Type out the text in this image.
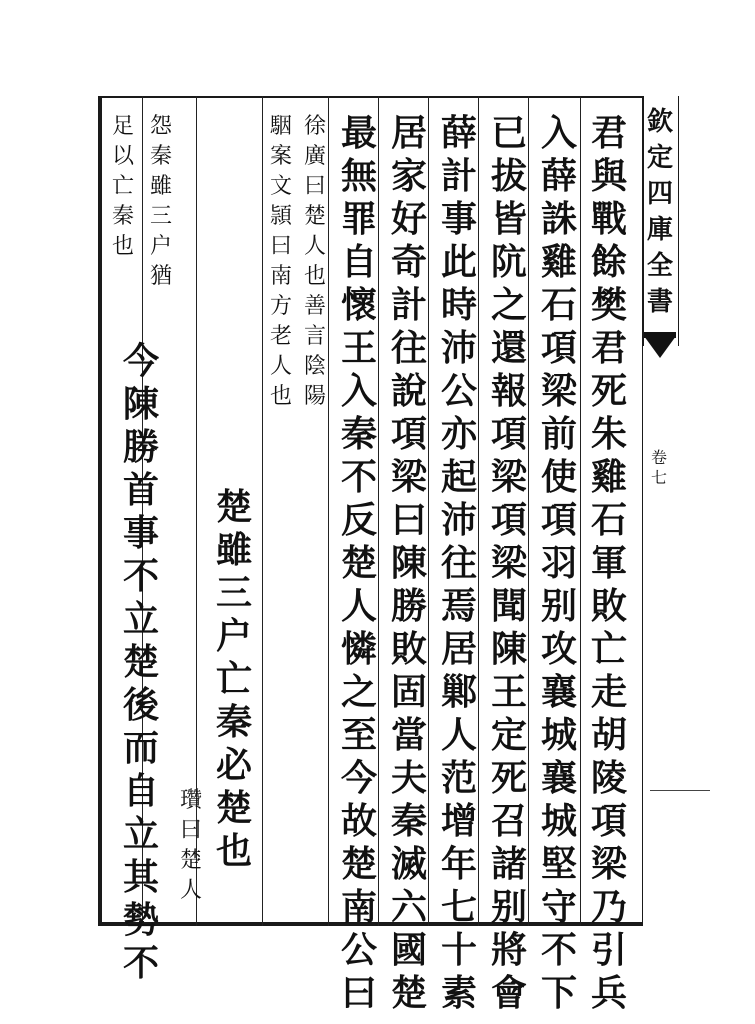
欽
定
四
庫
全
書
卷
七
君
與
戰
餘
樊
君
死
朱
雞
石
軍
敗
亡
走
胡
陵
項
梁
乃
引
兵
入
薛
誅
雞
石
項
梁
前
使
項
羽
别
攻
襄
城
襄
城
堅
守
不
下
已
拔
皆
阬
之
還
報
項
梁
項
梁
聞
陳
王
定
死
召
諸
别
將
會
薛
計
事
此
時
沛
公
亦
起
沛
往
焉
居
鄛
人
范
增
年
七
十
素
居
家
好
奇
計
往
說
項
梁
曰
陳
勝
敗
固
當
夫
秦
滅
六
國
楚
最
無
罪
自
懷
王
入
秦
不
反
楚
人
憐
之
至
今
故
楚
南
公
曰
徐
廣
曰
楚
人
也
善
言
陰
陽
駰
案
文
頴
曰
南
方
老
人
也
楚
雖
三
户
亡
秦
必
楚
也
瓚
曰
楚
人
怨
秦
雖
三
户
猶
足
以
亡
秦
也
今
陳
勝
首
事
不
立
楚
後
而
自
立
其
勢
不
